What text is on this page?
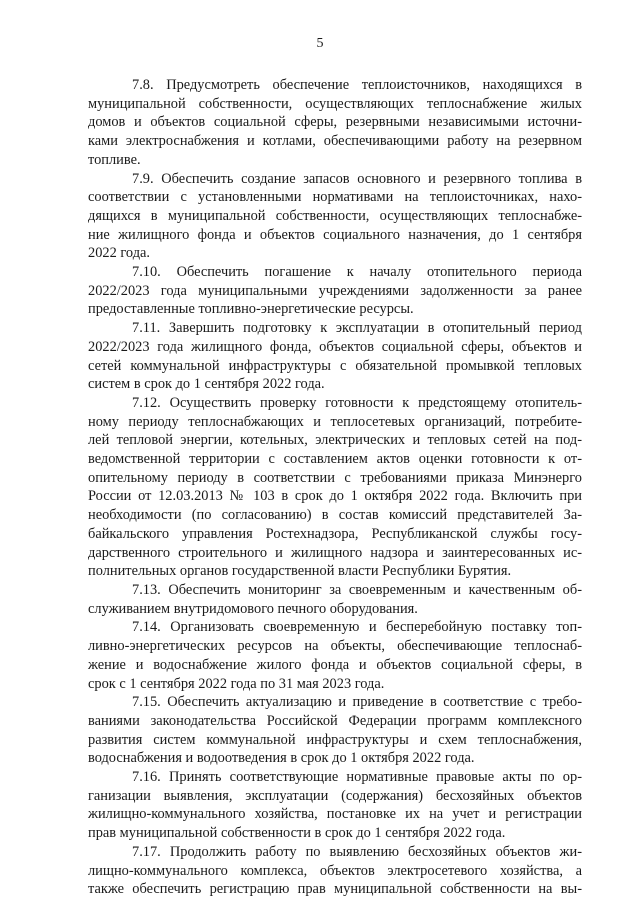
5

7.8. Предусмотреть обеспечение теплоисточников, находящихся в
муниципальной собственности, осуществляющих теплоснабжение жилых
домов и объектов социальной сферы, резервными независимыми источни-
ками электроснабжения и котлами, обеспечивающими работу на резервном
топливе.

7.9. Обеспечить создание запасов основного и резервного топлива в
соответствии с установленными нормативами на теплоисточниках, нахо-
дящихся в муниципальной собственности, осуществляющих теплоснабже-
ние жилищного фонда и объектов социального назначения, до 1 сентября
2022 года.

7.10. Обеспечить погашение к началу отопительного периода
2022/2023 года муниципальными учреждениями задолженности за ранее
предоставленные топливно-энергетические ресурсы.

7.11. Завершить подготовку к эксплуатации в отопительный период
2022/2023 года жилищного фонда, объектов социальной сферы, объектов и
сетей коммунальной инфраструктуры с обязательной промывкой тепловых
систем в срок до 1 сентября 2022 года.

7.12. Осуществить проверку готовности к предстоящему отопитель-
ному периоду теплоснабжающих и теплосетевых организаций, потребите-
лей тепловой энергии, котельных, электрических и тепловых сетей на под-
ведомственной территории с составлением актов оценки готовности к от-
опительному периоду в соответствии с требованиями приказа Минэнерго
России от 12.03.2013 № 103 в срок до 1 октября 2022 года. Включить при
необходимости (по согласованию) в состав комиссий представителей За-
байкальского управления Ростехнадзора, Республиканской службы госу-
дарственного строительного и жилищного надзора и заинтересованных ис-
полнительных органов государственной власти Республики Бурятия.

7.13. Обеспечить мониторинг за своевременным и качественным об-
служиванием внутридомового печного оборудования.

7.14. Организовать своевременную и бесперебойную поставку топ-
ливно-энергетических ресурсов на объекты, обеспечивающие теплоснаб-
жение и водоснабжение жилого фонда и объектов социальной сферы, в
срок с 1 сентября 2022 года по 31 мая 2023 года.

7.15. Обеспечить актуализацию и приведение в соответствие с требо-
ваниями законодательства Российской Федерации программ комплексного
развития систем коммунальной инфраструктуры и схем теплоснабжения,
водоснабжения и водоотведения в срок до 1 октября 2022 года.

7.16. Принять соответствующие нормативные правовые акты по ор-
ганизации выявления, эксплуатации (содержания) бесхозяйных объектов
жилищно-коммунального хозяйства, постановке их на учет и регистрации
прав муниципальной собственности в срок до 1 сентября 2022 года.

7.17. Продолжить работу по выявлению бесхозяйных объектов жи-
лищно-коммунального комплекса, объектов электросетевого хозяйства, а
также обеспечить регистрацию прав муниципальной собственности на вы-
